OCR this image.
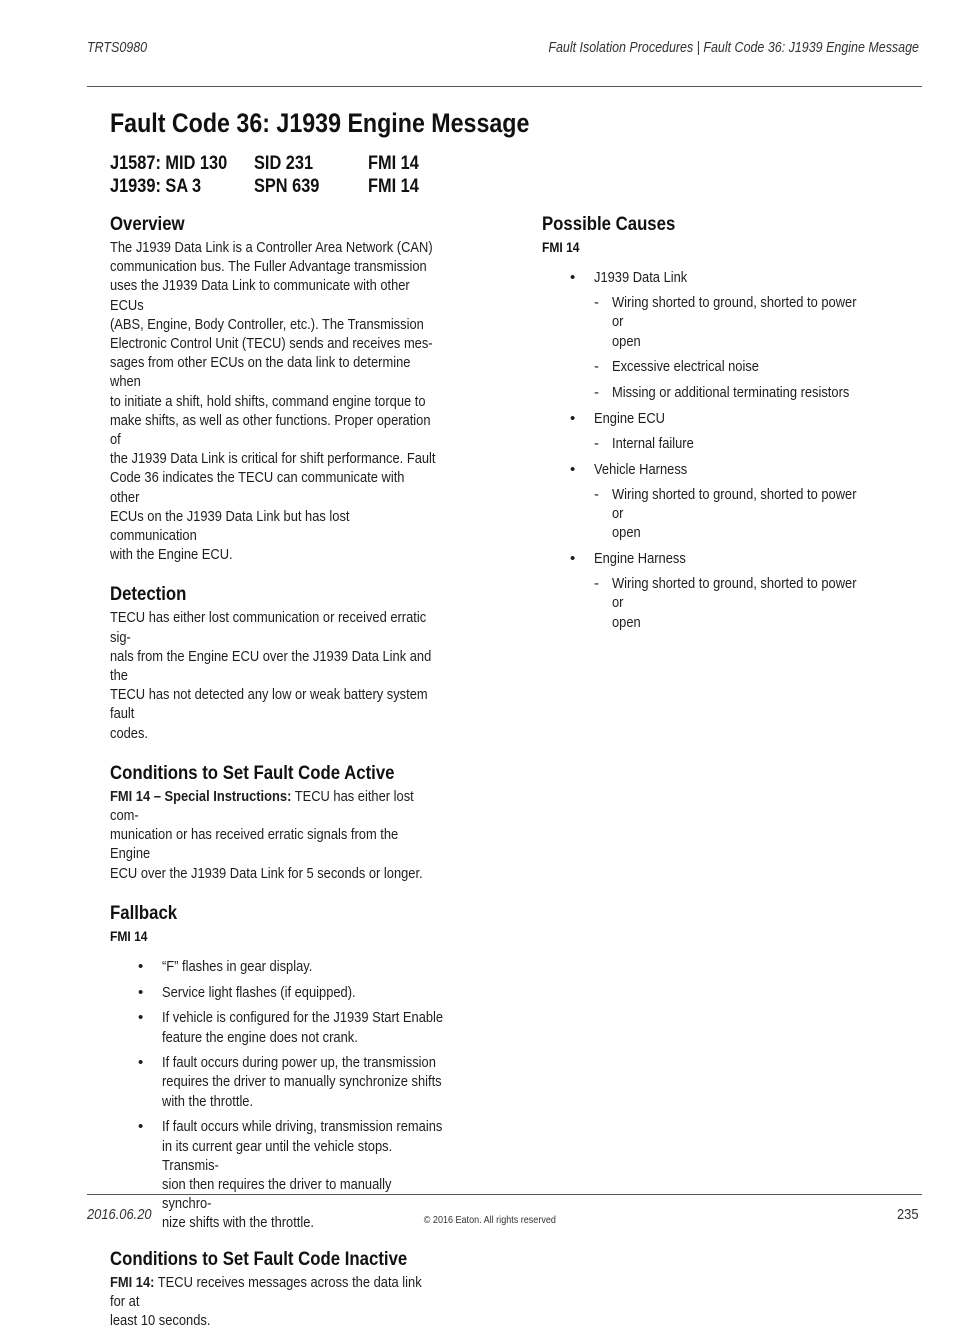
TRTS0980	Fault Isolation Procedures | Fault Code 36: J1939 Engine Message
Fault Code 36: J1939 Engine Message
J1587: MID 130	SID 231	FMI 14
J1939: SA 3	SPN 639	FMI 14
Overview
The J1939 Data Link is a Controller Area Network (CAN)
communication bus. The Fuller Advantage transmission
uses the J1939 Data Link to communicate with other ECUs
(ABS, Engine, Body Controller, etc.). The Transmission
Electronic Control Unit (TECU) sends and receives mes-
sages from other ECUs on the data link to determine when
to initiate a shift, hold shifts, command engine torque to
make shifts, as well as other functions. Proper operation of
the J1939 Data Link is critical for shift performance. Fault
Code 36 indicates the TECU can communicate with other
ECUs on the J1939 Data Link but has lost communication
with the Engine ECU.
Detection
TECU has either lost communication or received erratic sig-
nals from the Engine ECU over the J1939 Data Link and the
TECU has not detected any low or weak battery system fault
codes.
Conditions to Set Fault Code Active
FMI 14 – Special Instructions: TECU has either lost com-
munication or has received erratic signals from the Engine
ECU over the J1939 Data Link for 5 seconds or longer.
Fallback
FMI 14
• “F” flashes in gear display.
• Service light flashes (if equipped).
• If vehicle is configured for the J1939 Start Enable
feature the engine does not crank.
• If fault occurs during power up, the transmission
requires the driver to manually synchronize shifts
with the throttle.
• If fault occurs while driving, transmission remains
in its current gear until the vehicle stops. Transmis-
sion then requires the driver to manually synchro-
nize shifts with the throttle.
Conditions to Set Fault Code Inactive
FMI 14: TECU receives messages across the data link for at
least 10 seconds.
Possible Causes
FMI 14
• J1939 Data Link
- Wiring shorted to ground, shorted to power or
open
- Excessive electrical noise
- Missing or additional terminating resistors
• Engine ECU
- Internal failure
• Vehicle Harness
- Wiring shorted to ground, shorted to power or
open
• Engine Harness
- Wiring shorted to ground, shorted to power or
open
2016.06.20	© 2016 Eaton. All rights reserved	235
